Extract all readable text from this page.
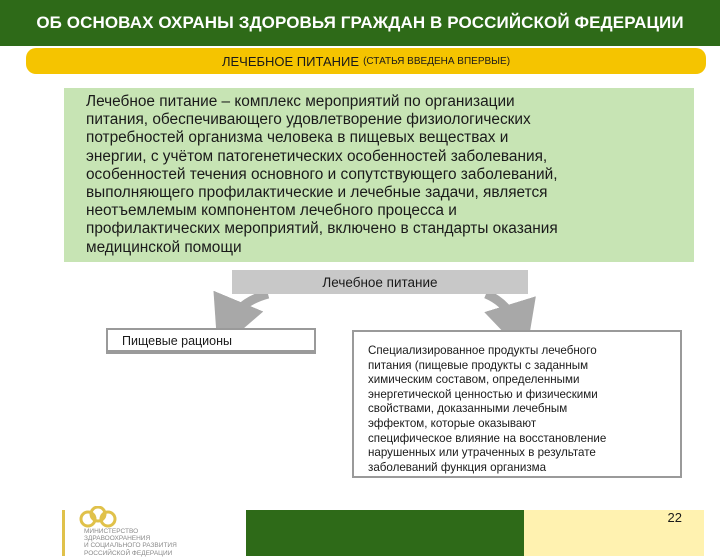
ОБ ОСНОВАХ ОХРАНЫ ЗДОРОВЬЯ ГРАЖДАН В РОССИЙСКОЙ ФЕДЕРАЦИИ
ЛЕЧЕБНОЕ ПИТАНИЕ (СТАТЬЯ ВВЕДЕНА ВПЕРВЫЕ)
Лечебное питание – комплекс мероприятий по организации
питания, обеспечивающего удовлетворение физиологических
потребностей организма человека в пищевых веществах и
энергии, с учётом патогенетических особенностей заболевания,
особенностей течения основного и сопутствующего заболеваний,
выполняющего профилактические и лечебные задачи, является
неотъемлемым компонентом лечебного процесса и
профилактических мероприятий, включено в стандарты оказания
медицинской помощи
Лечебное питание
Пищевые рационы
Специализированное продукты лечебного
питания (пищевые продукты с заданным
химическим составом, определенными
энергетической ценностью и физическими
свойствами, доказанными лечебным
эффектом, которые оказывают
специфическое влияние на восстановление
нарушенных или утраченных в результате
заболеваний функция организма
МИНИСТЕРСТВО
ЗДРАВООХРАНЕНИЯ
И СОЦИАЛЬНОГО РАЗВИТИЯ
РОССИЙСКОЙ ФЕДЕРАЦИИ
22
